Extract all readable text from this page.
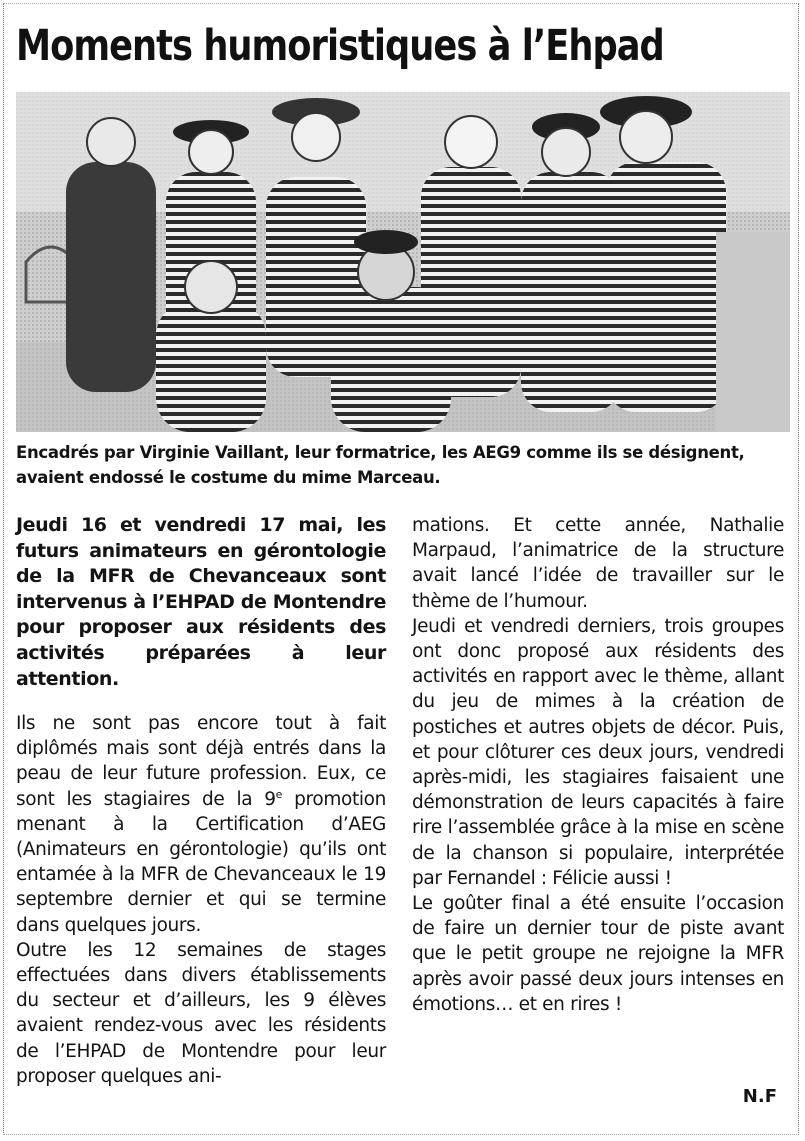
Moments humoristiques à l’Ehpad
Encadrés par Virginie Vaillant, leur formatrice, les AEG9 comme ils se désignent, avaient endossé le costume du mime Marceau.
Jeudi 16 et vendredi 17 mai, les futurs animateurs en gérontologie de la MFR de Chevanceaux sont intervenus à l’EHPAD de Montendre pour proposer aux résidents des activités préparées à leur attention.

Ils ne sont pas encore tout à fait diplômés mais sont déjà entrés dans la peau de leur future profession. Eux, ce sont les stagiaires de la 9e promotion menant à la Certification d’AEG (Animateurs en gérontologie) qu’ils ont entamée à la MFR de Chevanceaux le 19 septembre dernier et qui se termine dans quelques jours.

Outre les 12 semaines de stages effectuées dans divers établissements du secteur et d’ailleurs, les 9 élèves avaient rendez-vous avec les résidents de l’EHPAD de Montendre pour leur proposer quelques ani-

mations. Et cette année, Nathalie Marpaud, l’animatrice de la structure avait lancé l’idée de travailler sur le thème de l’humour.

Jeudi et vendredi derniers, trois groupes ont donc proposé aux résidents des activités en rapport avec le thème, allant du jeu de mimes à la création de postiches et autres objets de décor. Puis, et pour clôturer ces deux jours, vendredi après-midi, les stagiaires faisaient une démonstration de leurs capacités à faire rire l’assemblée grâce à la mise en scène de la chanson si populaire, interprétée par Fernandel : Félicie aussi !

Le goûter final a été ensuite l’occasion de faire un dernier tour de piste avant que le petit groupe ne rejoigne la MFR après avoir passé deux jours intenses en émotions… et en rires !

N.F
